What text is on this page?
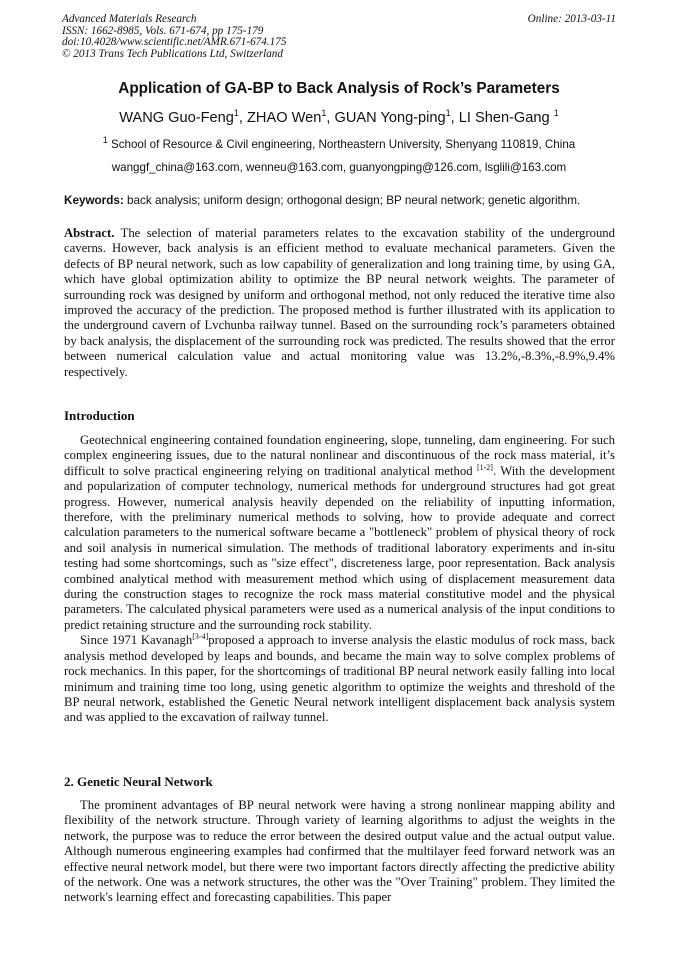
Advanced Materials Research
ISSN: 1662-8985, Vols. 671-674, pp 175-179
doi:10.4028/www.scientific.net/AMR.671-674.175
© 2013 Trans Tech Publications Ltd, Switzerland
Online: 2013-03-11
Application of GA-BP to Back Analysis of Rock’s Parameters
WANG Guo-Feng$^1$, ZHAO Wen$^1$, GUAN Yong-ping$^1$, LI Shen-Gang $^1$
$^1$ School of Resource & Civil engineering, Northeastern University, Shenyang 110819, China
wanggf_china@163.com, wenneu@163.com, guanyongping@126.com, lsglili@163.com
Keywords: back analysis; uniform design; orthogonal design; BP neural network; genetic algorithm.

Abstract. The selection of material parameters relates to the excavation stability of the underground caverns. However, back analysis is an efficient method to evaluate mechanical parameters. Given the defects of BP neural network, such as low capability of generalization and long training time, by using GA, which have global optimization ability to optimize the BP neural network weights. The parameter of surrounding rock was designed by uniform and orthogonal method, not only reduced the iterative time also improved the accuracy of the prediction. The proposed method is further illustrated with its application to the underground cavern of Lvchunba railway tunnel. Based on the surrounding rock’s parameters obtained by back analysis, the displacement of the surrounding rock was predicted. The results showed that the error between numerical calculation value and actual monitoring value was 13.2%,-8.3%,-8.9%,9.4% respectively.

Introduction

Geotechnical engineering contained foundation engineering, slope, tunneling, dam engineering. For such complex engineering issues, due to the natural nonlinear and discontinuous of the rock mass material, it’s difficult to solve practical engineering relying on traditional analytical method [1-2]. With the development and popularization of computer technology, numerical methods for underground structures had got great progress. However, numerical analysis heavily depended on the reliability of inputting information, therefore, with the preliminary numerical methods to solving, how to provide adequate and correct calculation parameters to the numerical software became a "bottleneck" problem of physical theory of rock and soil analysis in numerical simulation. The methods of traditional laboratory experiments and in-situ testing had some shortcomings, such as "size effect", discreteness large, poor representation. Back analysis combined analytical method with measurement method which using of displacement measurement data during the construction stages to recognize the rock mass material constitutive model and the physical parameters. The calculated physical parameters were used as a numerical analysis of the input conditions to predict retaining structure and the surrounding rock stability.

Since 1971 Kavanagh[3-4]proposed a approach to inverse analysis the elastic modulus of rock mass, back analysis method developed by leaps and bounds, and became the main way to solve complex problems of rock mechanics. In this paper, for the shortcomings of traditional BP neural network easily falling into local minimum and training time too long, using genetic algorithm to optimize the weights and threshold of the BP neural network, established the Genetic Neural network intelligent displacement back analysis system and was applied to the excavation of railway tunnel.

2. Genetic Neural Network

The prominent advantages of BP neural network were having a strong nonlinear mapping ability and flexibility of the network structure. Through variety of learning algorithms to adjust the weights in the network, the purpose was to reduce the error between the desired output value and the actual output value. Although numerous engineering examples had confirmed that the multilayer feed forward network was an effective neural network model, but there were two important factors directly affecting the predictive ability of the network. One was a network structures, the other was the "Over Training" problem. They limited the network's learning effect and forecasting capabilities. This paper
